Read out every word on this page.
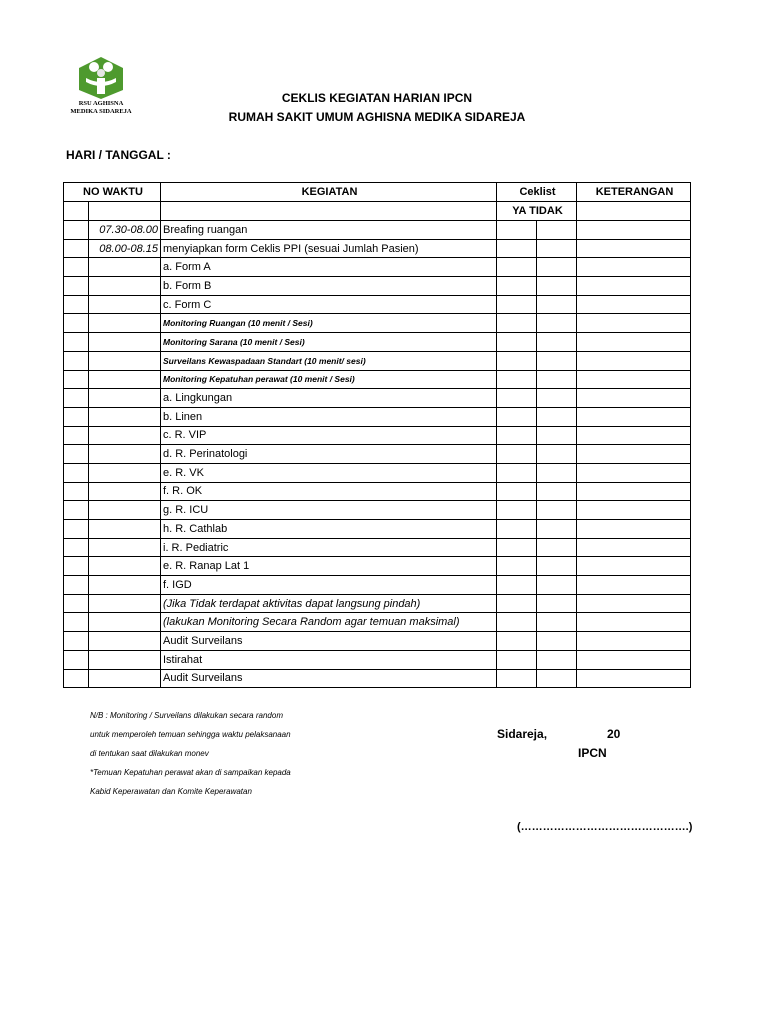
RSU AGHISNA
MEDIKA SIDAREJA
CEKLIS KEGIATAN HARIAN IPCN
RUMAH SAKIT UMUM AGHISNA MEDIKA SIDAREJA
HARI / TANGGAL :
NO WAKTU		KEGIATAN	Ceklist		KETERANGAN
			YA TIDAK		
	07.30-08.00	Breafing ruangan			
	08.00-08.15	menyiapkan form Ceklis PPI (sesuai Jumlah Pasien)			
		a. Form A			
		b. Form B			
		c. Form C			
		Monitoring Ruangan (10 menit / Sesi)			
		Monitoring Sarana (10 menit / Sesi)			
		Surveilans Kewaspadaan Standart (10 menit/ sesi)			
		Monitoring Kepatuhan perawat (10 menit / Sesi)			
		a. Lingkungan			
		b. Linen			
		c. R. VIP			
		d. R. Perinatologi			
		e. R. VK			
		f. R. OK			
		g. R. ICU			
		h. R. Cathlab			
		i. R. Pediatric			
		e. R. Ranap Lat 1			
		f. IGD			
		(Jika Tidak terdapat aktivitas dapat langsung pindah)			
		(lakukan Monitoring Secara Random agar temuan maksimal)			
		Audit Surveilans			
		Istirahat			
		Audit Surveilans			
N/B : Monitoring / Surveilans dilakukan secara random
untuk memperoleh temuan sehingga waktu pelaksanaan
di tentukan saat dilakukan monev
*Temuan Kepatuhan perawat akan di sampaikan kepada
Kabid Keperawatan dan Komite Keperawatan
Sidareja,	20
IPCN
(……………………………………….)
